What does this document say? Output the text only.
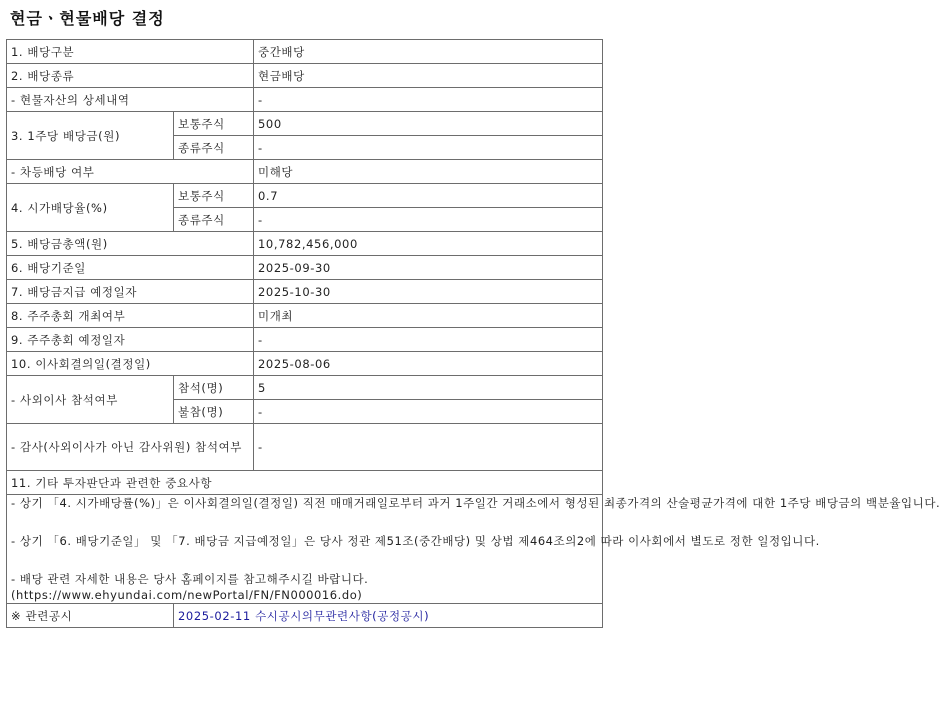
현금ㆍ현물배당 결정
1. 배당구분		중간배당
2. 배당종류		현금배당
- 현물자산의 상세내역		-
3. 1주당 배당금(원)	보통주식	500
	종류주식	-
- 차등배당 여부		미해당
4. 시가배당율(%)	보통주식	0.7
	종류주식	-
5. 배당금총액(원)		10,782,456,000
6. 배당기준일		2025-09-30
7. 배당금지급 예정일자		2025-10-30
8. 주주총회 개최여부		미개최
9. 주주총회 예정일자		-
10. 이사회결의일(결정일)		2025-08-06
- 사외이사 참석여부	참석(명)	5
	불참(명)	-
- 감사(사외이사가 아닌 감사위원) 참석여부		-
11. 기타 투자판단과 관련한 중요사항		

- 상기 「4. 시가배당률(%)」은 이사회결의일(결정일) 직전 매매거래일로부터 과거 1주일간 거래소에서 형성된 최종가격의 산술평균가격에 대한 1주당 배당금의 백분율입니다.

- 상기 「6. 배당기준일」 및 「7. 배당금 지급예정일」은 당사 정관 제51조(중간배당) 및 상법 제464조의2에 따라 이사회에서 별도로 정한 일정입니다.

- 배당 관련 자세한 내용은 당사 홈페이지를 참고해주시길 바랍니다.

(https://www.ehyundai.com/newPortal/FN/FN000016.do)		

※ 관련공시	2025-02-11 수시공시의무관련사항(공정공시)	
